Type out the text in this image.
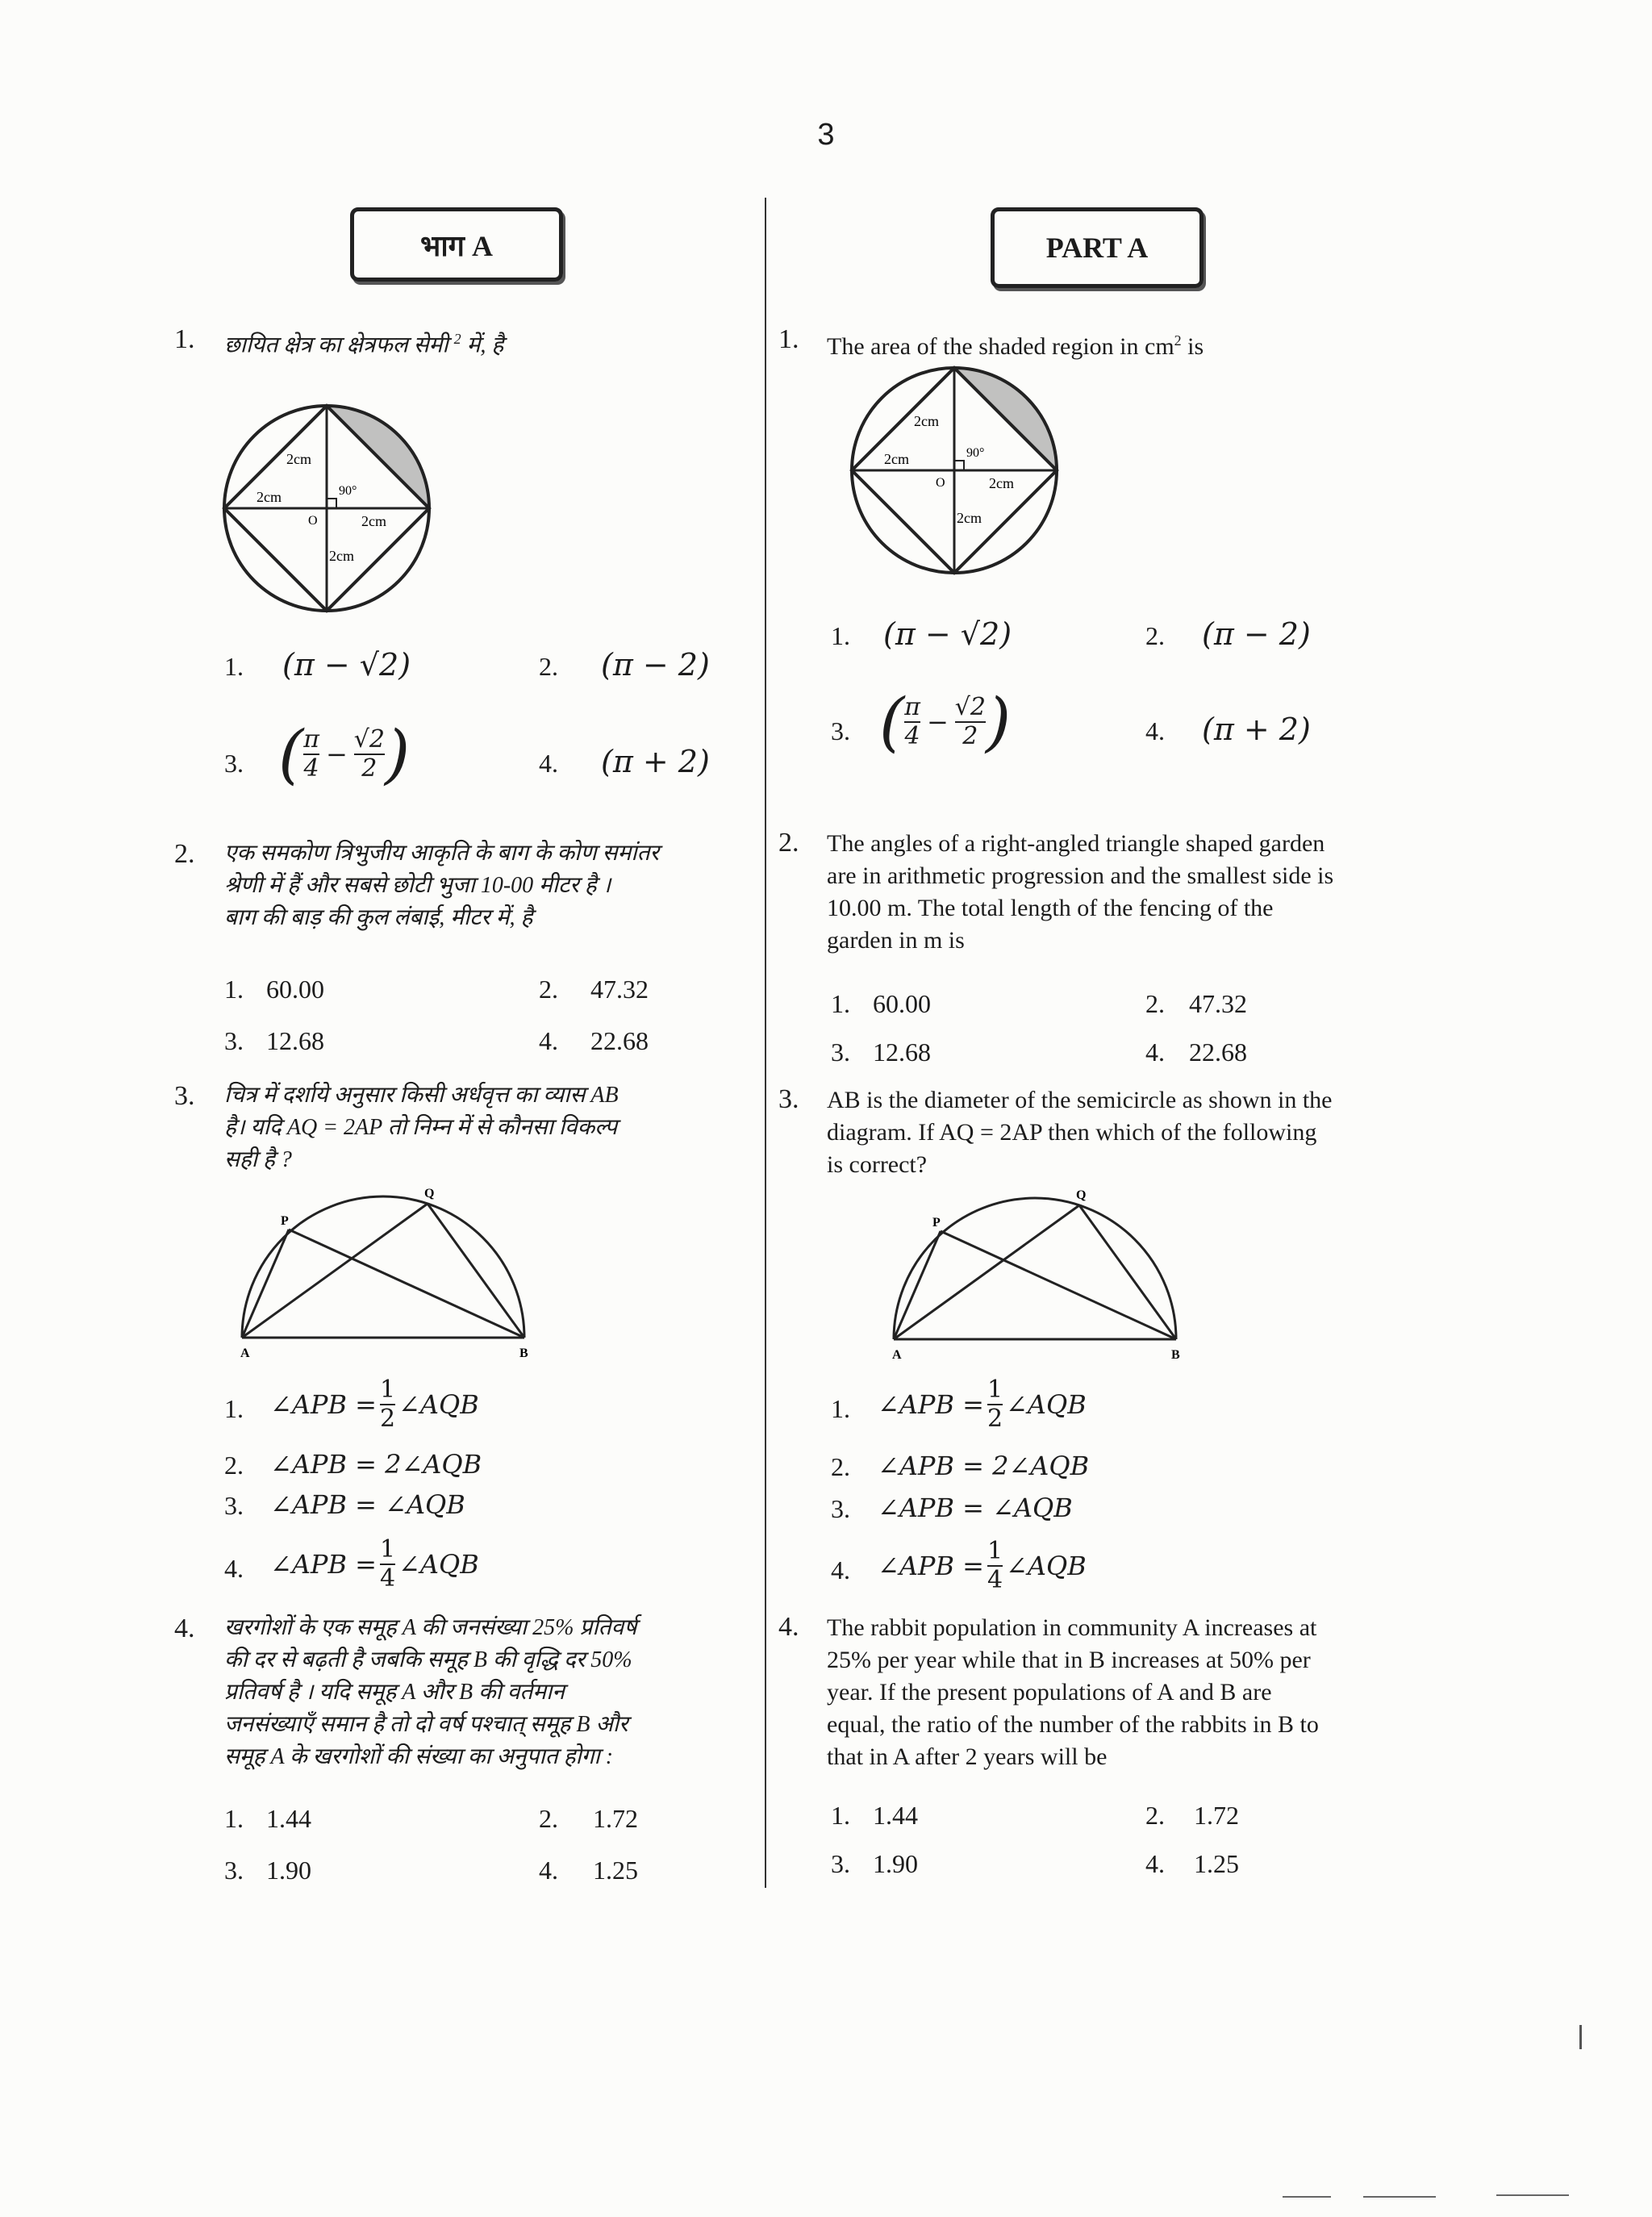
3
भाग A
1. छायित क्षेत्र का क्षेत्रफल सेमी $^2$ में, है
2cm
2cm	90°
O	2cm
2cm
1. (π − √2)	2. (π − 2)
3. ( $\frac{\pi}{4} - \frac{√2}{2}$ )	4. (π + 2)
2. एक समकोण त्रिभुजीय आकृति के बाग के कोण समांतर
श्रेणी में हैं और सबसे छोटी भुजा 10-00 मीटर है ।
बाग की बाड़ की कुल लंबाई, मीटर में, है
1. 60.00	2. 47.32
3. 12.68	4. 22.68
3. चित्र में दर्शाये अनुसार किसी अर्धवृत्त का व्यास AB
है। यदि AQ = 2AP तो निम्न में से कौनसा विकल्प
सही है ?
P
Q
A	B
1. ∠APB = $\frac{1}{2}$ ∠AQB
2. ∠APB = 2∠AQB
3. ∠APB = ∠AQB
4. ∠APB = $\frac{1}{4}$ ∠AQB
4. खरगोशों के एक समूह A की जनसंख्या 25% प्रतिवर्ष
की दर से बढ़ती है जबकि समूह B की वृद्धि दर 50%
प्रतिवर्ष है । यदि समूह A और B की वर्तमान
जनसंख्याएँ समान है तो दो वर्ष पश्चात् समूह B और
समूह A के खरगोशों की संख्या का अनुपात होगा :
1. 1.44	2. 1.72
3. 1.90	4. 1.25
PART A
1. The area of the shaded region in $cm^2$ is
2cm
2cm	90°
O	2cm
2cm
1. (π − √2)	2. (π − 2)
3. ( $\frac{\pi}{4} - \frac{√2}{2}$ )	4. (π + 2)
2. The angles of a right-angled triangle shaped garden
are in arithmetic progression and the smallest side is
10.00 m. The total length of the fencing of the
garden in m is
1. 60.00	2. 47.32
3. 12.68	4. 22.68
3. AB is the diameter of the semicircle as shown in the
diagram. If AQ = 2AP then which of the following
is correct?
P
Q
A	B
1. ∠APB = $\frac{1}{2}$ ∠AQB
2. ∠APB = 2∠AQB
3. ∠APB = ∠AQB
4. ∠APB = $\frac{1}{4}$ ∠AQB
4. The rabbit population in community A increases at
25% per year while that in B increases at 50% per
year. If the present populations of A and B are
equal, the ratio of the number of the rabbits in B to
that in A after 2 years will be
1. 1.44	2. 1.72
3. 1.90	4. 1.25
